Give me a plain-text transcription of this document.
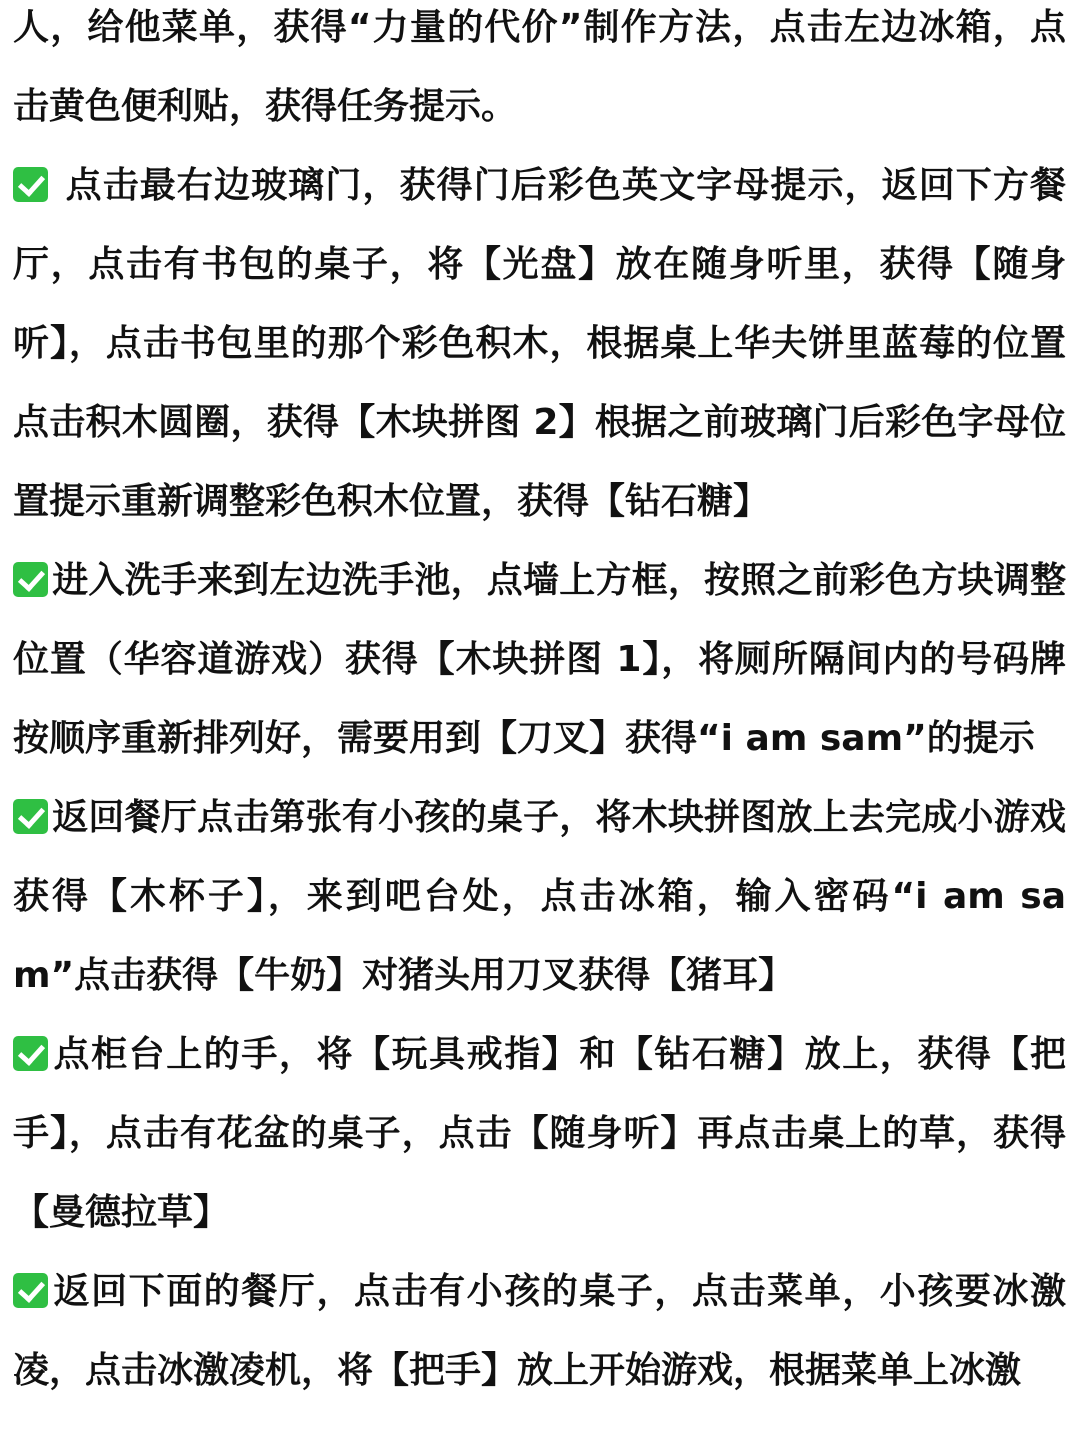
人，给他菜单，获得“力量的代价”制作方法，点击左边冰箱，点击黄色便利贴，获得任务提示。

点击最右边玻璃门，获得门后彩色英文字母提示，返回下方餐厅，点击有书包的桌子，将【光盘】放在随身听里，获得【随身听】，点击书包里的那个彩色积木，根据桌上华夫饼里蓝莓的位置点击积木圆圈，获得【木块拼图 2】根据之前玻璃门后彩色字母位置提示重新调整彩色积木位置，获得【钻石糖】

进入洗手来到左边洗手池，点墙上方框，按照之前彩色方块调整位置（华容道游戏）获得【木块拼图 1】，将厕所隔间内的号码牌按顺序重新排列好，需要用到【刀叉】获得“i am sam”的提示

返回餐厅点击第张有小孩的桌子，将木块拼图放上去完成小游戏获得【木杯子】，来到吧台处，点击冰箱，输入密码“i am sam”点击获得【牛奶】对猪头用刀叉获得【猪耳】

点柜台上的手，将【玩具戒指】和【钻石糖】放上，获得【把手】，点击有花盆的桌子，点击【随身听】再点击桌上的草，获得【曼德拉草】

返回下面的餐厅，点击有小孩的桌子，点击菜单，小孩要冰激凌，点击冰激凌机，将【把手】放上开始游戏，根据菜单上冰激
